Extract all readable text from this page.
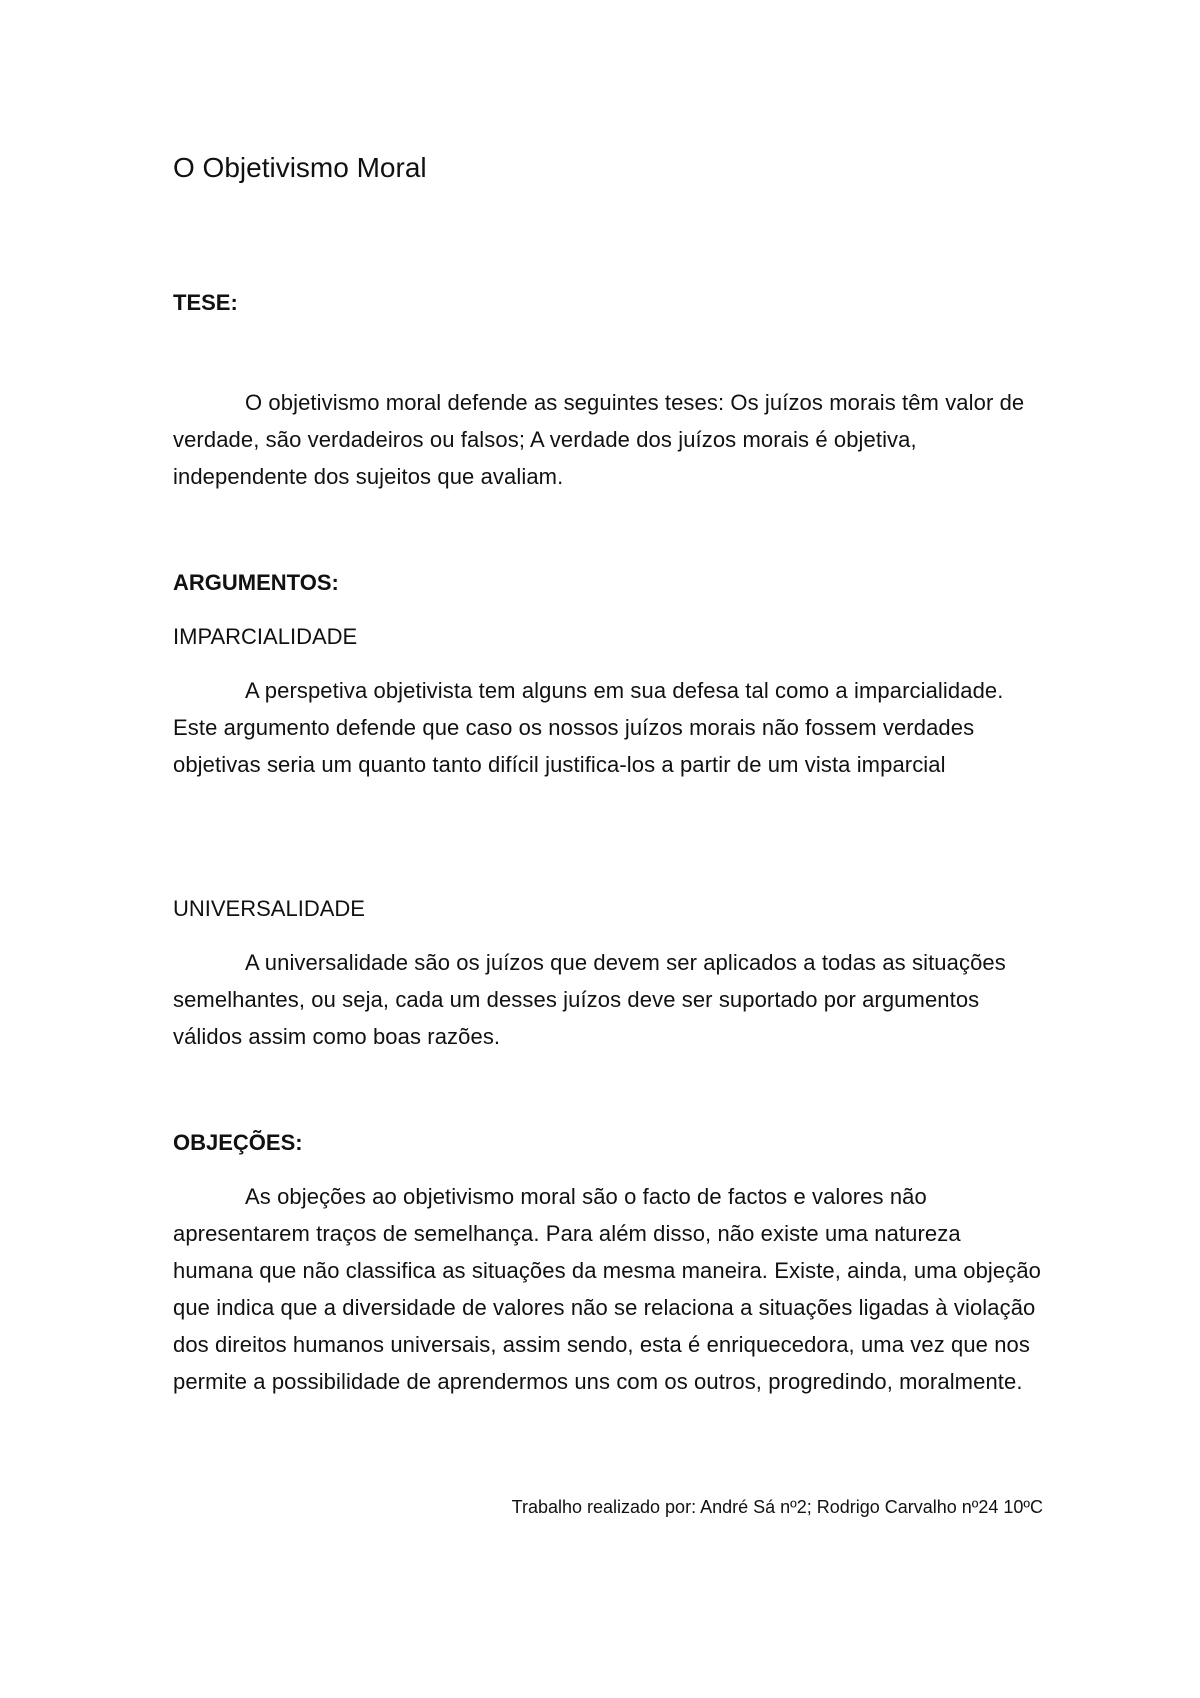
O Objetivismo Moral
TESE:

O objetivismo moral defende as seguintes teses: Os juízos morais têm valor de verdade, são verdadeiros ou falsos; A verdade dos juízos morais é objetiva, independente dos sujeitos que avaliam.

ARGUMENTOS:
IMPARCIALIDADE

A perspetiva objetivista tem alguns em sua defesa tal como a imparcialidade. Este argumento defende que caso os nossos juízos morais não fossem verdades objetivas seria um quanto tanto difícil justifica-los a partir de um vista imparcial

UNIVERSALIDADE

A universalidade são os juízos que devem ser aplicados a todas as situações semelhantes, ou seja, cada um desses juízos deve ser suportado por argumentos válidos assim como boas razões.

OBJEÇÕES:

As objeções ao objetivismo moral são o facto de factos e valores não apresentarem traços de semelhança. Para além disso, não existe uma natureza humana que não classifica as situações da mesma maneira. Existe, ainda, uma objeção que indica que a diversidade de valores não se relaciona a situações ligadas à violação dos direitos humanos universais, assim sendo, esta é enriquecedora, uma vez que nos permite a possibilidade de aprendermos uns com os outros, progredindo, moralmente.

Trabalho realizado por: André Sá nº2; Rodrigo Carvalho nº24 10ºC
